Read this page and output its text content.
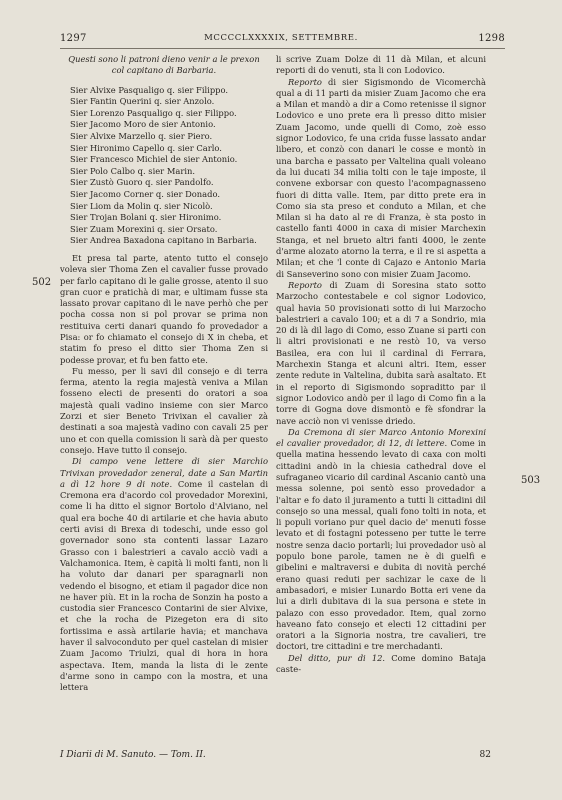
1297	MCCCCLXXXXIX, SETTEMBRE.	1298

Questi sono li patroni dieno venir a le prexon col capitano di Barbaria.

Sier Alvixe Pasqualigo q. sier Filippo.
Sier Fantin Querini q. sier Anzolo.
Sier Lorenzo Pasqualigo q. sier Filippo.
Sier Jacomo Moro de sier Antonio.
Sier Alvixe Marzello q. sier Piero.
Sier Hironimo Capello q. sier Carlo.
Sier Francesco Michiel de sier Antonio.
Sier Polo Calbo q. sier Marin.
Sier Zustò Guoro q. sier Pandolfo.
Sier Jacomo Corner q. sier Donado.
Sier Liom da Molin q. sier Nicolò.
Sier Trojan Bolani q. sier Hironimo.
Sier Zuam Morexini q. sier Orsato.
Sier Andrea Baxadona capitano in Barbaria.

Et presa tal parte, atento tutto el consejo voleva sier Thoma Zen el cavalier fusse provado per farlo capitano di le galie grosse, atento il suo gran cuor e pratichà di mar, e ultimam fusse sta lassato provar capitano di le nave perhò che per pocha cossa non si pol provar se prima non restituiva certi danari quando fo provedador a Pisa: or fo chiamato el consejo di X in cheba, et statim fo preso el ditto sier Thoma Zen si podesse provar, et fu ben fatto ete.

Fu messo, per li savi dil consejo e di terra ferma, atento la regia majestà veniva a Milan fosseno electi de presenti do oratori a soa majestà quali vadino insieme con sier Marco Zorzi et sier Beneto Trivixan el cavalier zà destinati a soa majestà vadino con cavali 25 per uno et con quella comission li sarà dà per questo consejo. Have tutto il consejo.

Di campo vene lettere di sier Marchio Trivixan provedador zeneral, date a San Martin a dì 12 hore 9 di note. Come il castelan di Cremona era d'acordo col provedador Morexini, come li ha ditto el signor Bortolo d'Alviano, nel qual era boche 40 di artilarie et che havia abuto certi avisi di Brexa di todeschi, unde esso gol governador sono sta contenti lassar Lazaro Grasso con i balestrieri a cavalo acciò vadi a Valchamonica. Item, è capità li molti fanti, non li ha voluto dar danari per sparagnarli non vedendo el bisogno, et etiam il pagador dice non ne haver più. Et in la rocha de Sonzin ha posto a custodia sier Francesco Contarini de sier Alvixe, et che la rocha de Pizegeton era di sito fortissima e assà artilarie havia; et manchava haver il salvoconduto per quel castelan di misier Zuam Jacomo Triulzi, qual di hora in hora aspectava. Item, manda la lista di le zente d'arme sono in campo con la mostra, et una lettera

502

li scrive Zuam Dolze di 11 dà Milan, et alcuni reporti di do venuti, sta li con Lodovico.

Reporto di sier Sigismondo de Vicomerchà qual a di 11 parti da misier Zuam Jacomo che era a Milan et mandò a dir a Como retenisse il signor Lodovico e uno prete era lì presso ditto misier Zuam Jacomo, unde quelli di Como, zoè esso signor Lodovico, fe una crida fusse lassato andar libero, et conzò con danari le cosse e montò in una barcha e passato per Valtelina quali voleano da lui ducati 34 milia tolti con le taje imposte, il convene exborsar con questo l'acompagnasseno fuori di ditta valle. Item, par ditto prete era in Como sia sta preso et conduto a Milan, et che Milan si ha dato al re di Franza, è sta posto in castello fanti 4000 in caxa di misier Marchexin Stanga, et nel brueto altri fanti 4000, le zente d'arme alozato atorno la terra, e il re si aspetta a Milan; et che 'l conte di Cajazo e Antonio Maria di Sanseverino sono con misier Zuam Jacomo.

Reporto di Zuam di Soresina stato sotto Marzocho contestabele e col signor Lodovico, qual havia 50 provisionati sotto di lui Marzocho balestrieri a cavalo 100; et a di 7 a Sondrio, mia 20 di là dil lago di Como, esso Zuane si parti con li altri provisionati e ne restò 10, va verso Basilea, era con lui il cardinal di Ferrara, Marchexin Stanga et alcuni altri. Item, esser zente redute in Valtelina, dubita sarà asaltato. Et in el reporto di Sigismondo sopraditto par il signor Lodovico andò per il lago di Como fin a la torre di Gogna dove dismontò e fè sfondrar la nave acciò non vi venisse driedo.

Da Cremona di sier Marco Antonio Morexini el cavalier provedador, di 12, di lettere. Come in quella matina hessendo levato di caxa con molti cittadini andò in la chiesia cathedral dove el sufraganeo vicario dil cardinal Ascanio cantò una messa solenne, poi sentò esso provedador a l'altar e fo dato il juramento a tutti li cittadini dil consejo so una messal, quali fono tolti in nota, et li populi voriano pur quel dacio de' menuti fosse levato et di fostagni potesseno per tutte le terre nostre senza dacio portarli; lui provedador usò al populo bone parole, tamen ne è di guelfi e gibelini e maltraversi e dubita di novità perché erano quasi reduti per sachizar le caxe de li ambasadori, e misier Lunardo Botta eri vene da lui a dirli dubitava di la sua persona e stete in palazo con esso provedador. Item, qual zorno haveano fato consejo et electi 12 cittadini per oratori a la Signoria nostra, tre cavalieri, tre doctori, tre cittadini e tre merchadanti.

Del ditto, pur di 12. Come domino Bataja caste-

503
I Diarii di M. Sanuto. — Tom. II.	82
